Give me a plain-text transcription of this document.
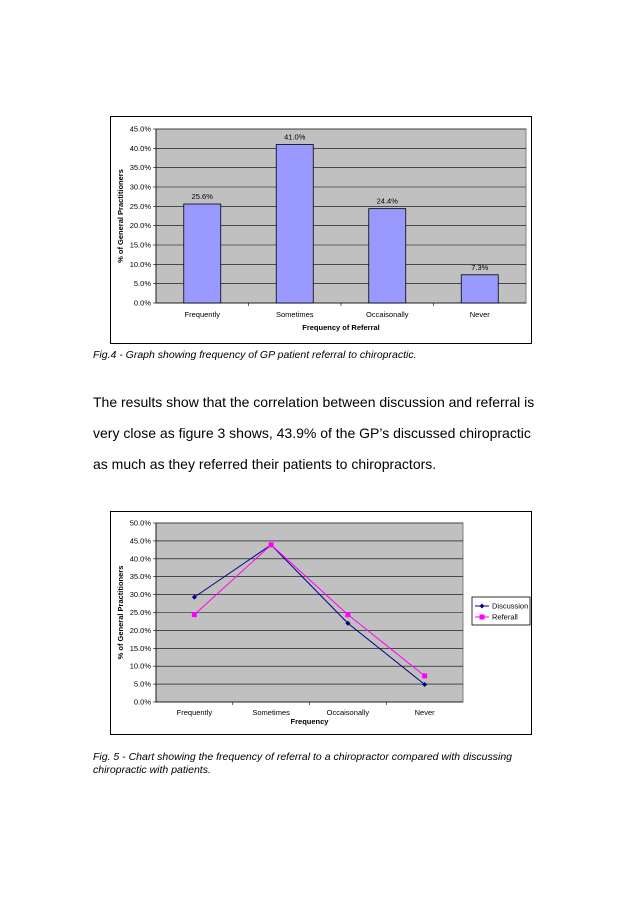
0.0%
5.0%
10.0%
15.0%
20.0%
25.0%
30.0%
35.0%
40.0%
45.0%
25.6%
Frequently
41.0%
Sometimes
24.4%
Occaisonally
7.3%
Never
Frequency of Referral
% of General Practitioners
Fig.4 - Graph showing frequency of GP patient referral to chiropractic.
The results show that the correlation between discussion and referral is very close as figure 3 shows, 43.9% of the GP’s discussed chiropractic as much as they referred their patients to chiropractors.
0.0%
5.0%
10.0%
15.0%
20.0%
25.0%
30.0%
35.0%
40.0%
45.0%
50.0%
Frequently	Sometimes	Occaisonally	Never
Discussion
Referall
Frequency
% of General Practitioners
Fig. 5 - Chart showing the frequency of referral to a chiropractor compared with discussing chiropractic with patients.
